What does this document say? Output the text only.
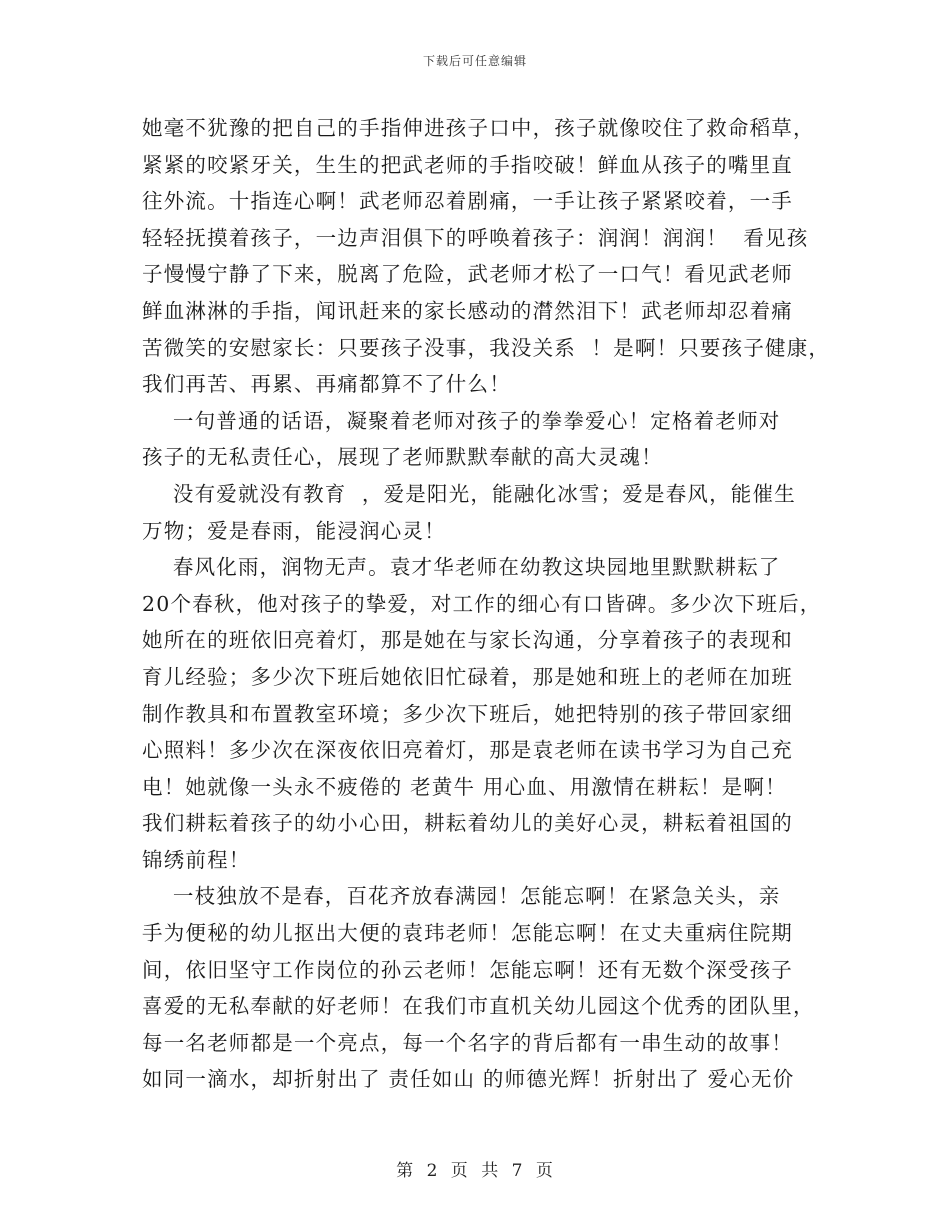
下载后可任意编辑
她毫不犹豫的把自己的手指伸进孩子口中，孩子就像咬住了救命稻草，
紧紧的咬紧牙关，生生的把武老师的手指咬破！鲜血从孩子的嘴里直
往外流。十指连心啊！武老师忍着剧痛，一手让孩子紧紧咬着，一手
轻轻抚摸着孩子，一边声泪俱下的呼唤着孩子：润润！润润！  看见孩
子慢慢宁静了下来，脱离了危险，武老师才松了一口气！看见武老师
鲜血淋淋的手指，闻讯赶来的家长感动的潸然泪下！武老师却忍着痛
苦微笑的安慰家长：只要孩子没事，我没关系  ！是啊！只要孩子健康，
我们再苦、再累、再痛都算不了什么！
一句普通的话语，凝聚着老师对孩子的拳拳爱心！定格着老师对
孩子的无私责任心，展现了老师默默奉献的高大灵魂！
没有爱就没有教育  ，爱是阳光，能融化冰雪；爱是春风，能催生
万物；爱是春雨，能浸润心灵！
春风化雨，润物无声。袁才华老师在幼教这块园地里默默耕耘了
20个春秋，他对孩子的挚爱，对工作的细心有口皆碑。多少次下班后，
她所在的班依旧亮着灯，那是她在与家长沟通，分享着孩子的表现和
育儿经验；多少次下班后她依旧忙碌着，那是她和班上的老师在加班
制作教具和布置教室环境；多少次下班后，她把特别的孩子带回家细
心照料！多少次在深夜依旧亮着灯，那是袁老师在读书学习为自己充
电！她就像一头永不疲倦的 老黄牛 用心血、用激情在耕耘！是啊！
我们耕耘着孩子的幼小心田，耕耘着幼儿的美好心灵，耕耘着祖国的
锦绣前程！
一枝独放不是春，百花齐放春满园！怎能忘啊！在紧急关头，亲
手为便秘的幼儿抠出大便的袁玮老师！怎能忘啊！在丈夫重病住院期
间，依旧坚守工作岗位的孙云老师！怎能忘啊！还有无数个深受孩子
喜爱的无私奉献的好老师！在我们市直机关幼儿园这个优秀的团队里，
每一名老师都是一个亮点，每一个名字的背后都有一串生动的故事！
如同一滴水，却折射出了 责任如山 的师德光辉！折射出了 爱心无价
第 2 页 共 7 页
